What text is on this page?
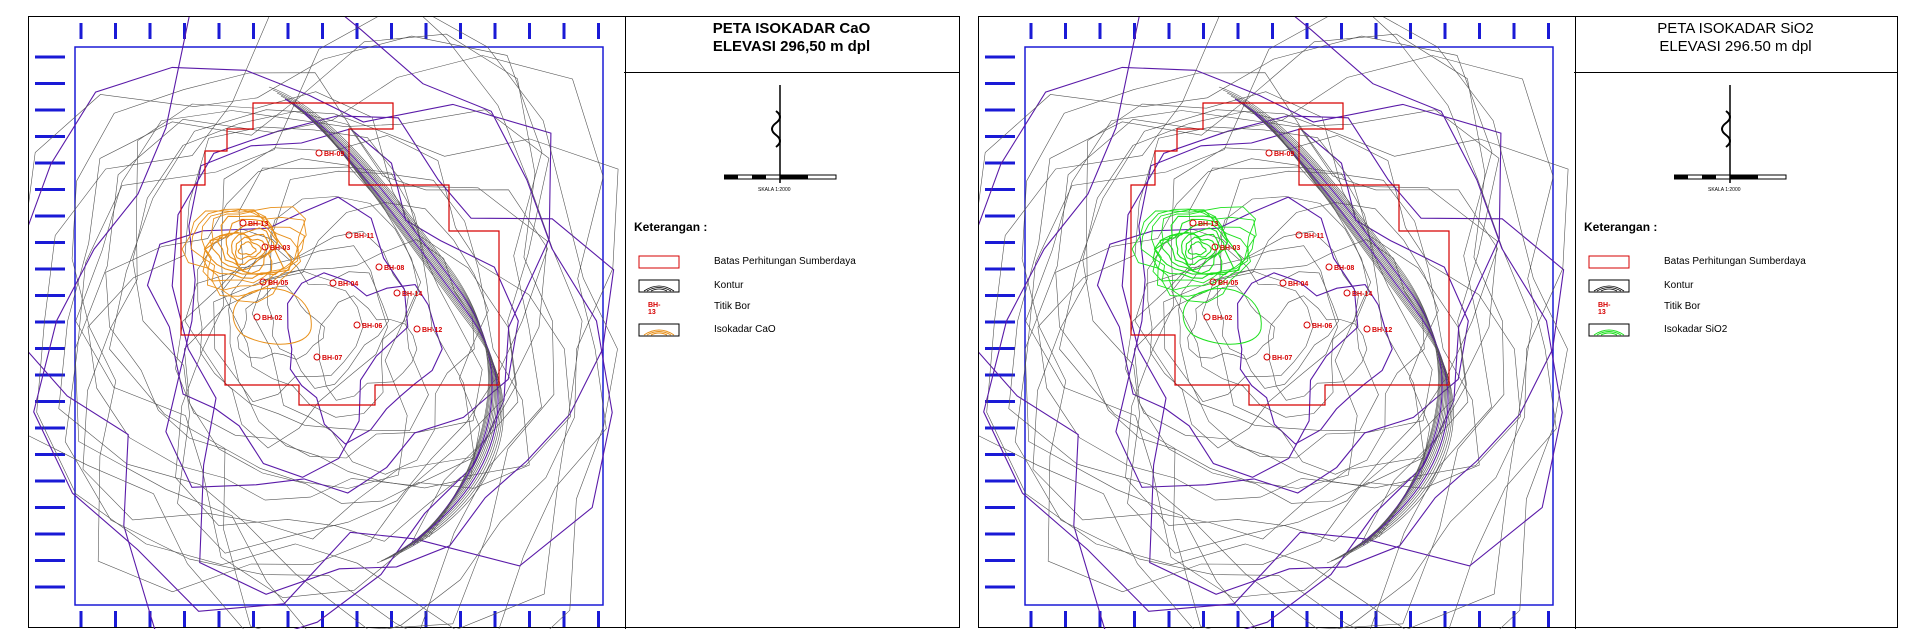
BH-13
BH-03
BH-05
BH-02
BH-04
BH-06
BH-08
BH-11
BH-14
BH-12
BH-07
BH-09
PETA ISOKADAR CaO
ELEVASI 296,50 m dpl
SKALA 1:2000
Keterangan :
Batas Perhitungan Sumberdaya
Kontur
BH-13
Titik Bor
Isokadar CaO
BH-13
BH-03
BH-05
BH-02
BH-04
BH-06
BH-08
BH-11
BH-14
BH-12
BH-07
BH-09
PETA ISOKADAR SiO2
ELEVASI 296.50 m dpl
SKALA 1:2000
Keterangan :
Batas Perhitungan Sumberdaya
Kontur
BH-13
Titik Bor
Isokadar SiO2
